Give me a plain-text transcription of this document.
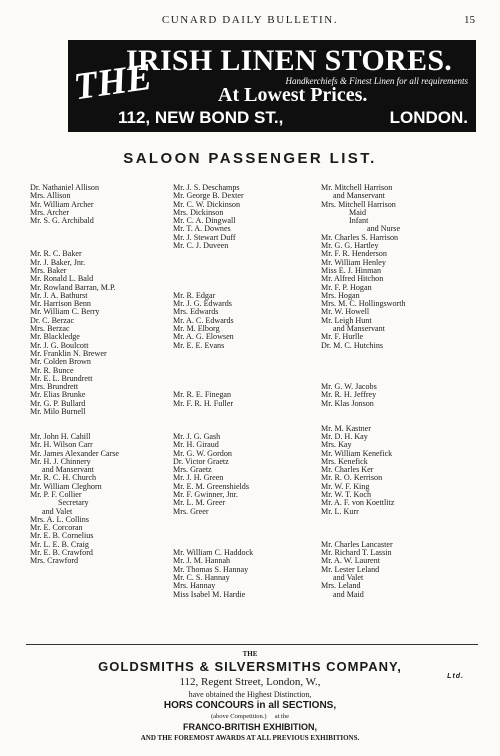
CUNARD DAILY BULLETIN.	15
THE
IRISH LINEN STORES.
Handkerchiefs & Finest Linen for all requirements
At Lowest Prices.
112, NEW BOND ST.,	LONDON.
SALOON PASSENGER LIST.
Dr. Nathaniel Allison
Mrs. Allison
Mr. William Archer
Mrs. Archer
Mr. S. G. Archibald
Mr. R. C. Baker
Mr. J. Baker, Jnr.
Mrs. Baker
Mr. Ronald L. Bald
Mr. Rowland Barran, M.P.
Mr. J. A. Bathurst
Mr. Harrison Benn
Mr. William C. Berry
Dr. C. Berzac
Mrs. Berzac
Mr. Blackledge
Mr. J. G. Boulcott
Mr. Franklin N. Brewer
Mr. Colden Brown
Mr. R. Bunce
Mr. E. L. Brundrett
Mrs. Brundrett
Mr. Elias Brunke
Mr. G. P. Bullard
Mr. Milo Burnell
Mr. John H. Cahill
Mr. H. Wilson Carr
Mr. James Alexander Carse
Mr. H. J. Chinnery
and Manservant
Mr. R. C. H. Church
Mr. William Cleghorn
Mr. P. F. Collier
Secretary
and Valet
Mrs. A. L. Collins
Mr. E. Corcoran
Mr. E. B. Cornelius
Mr. L. E. B. Craig
Mr. E. B. Crawford
Mrs. Crawford
Mr. J. S. Deschamps
Mr. George B. Dexter
Mr. C. W. Dickinson
Mrs. Dickinson
Mr. C. A. Dingwall
Mr. T. A. Downes
Mr. J. Stewart Duff
Mr. C. J. Duveen
Mr. R. Edgar
Mr. J. G. Edwards
Mrs. Edwards
Mr. A. C. Edwards
Mr. M. Elborg
Mr. A. G. Elowsen
Mr. E. E. Evans
Mr. R. E. Finegan
Mr. F. R. H. Fuller
Mr. J. G. Gash
Mr. H. Giraud
Mr. G. W. Gordon
Dr. Victor Graetz
Mrs. Graetz
Mr. J. H. Green
Mr. E. M. Greenshields
Mr. F. Gwinner, Jnr.
Mr. L. M. Greer
Mrs. Greer
Mr. William C. Haddock
Mr. J. M. Hannah
Mr. Thomas S. Hannay
Mr. C. S. Hannay
Mrs. Hannay
Miss Isabel M. Hardie
Mr. Mitchell Harrison
and Manservant
Mrs. Mitchell Harrison
Maid
Infant
and Nurse
Mr. Charles S. Harrison
Mr. G. G. Hartley
Mr. F. R. Henderson
Mr. William Henley
Miss E. J. Hinman
Mr. Alfred Hitchon
Mr. F. P. Hogan
Mrs. Hogan
Mrs. M. C. Hollingsworth
Mr. W. Howell
Mr. Leigh Hunt
and Manservant
Mr. F. Hurlle
Dr. M. C. Hutchins
Mr. G. W. Jacobs
Mr. R. H. Jeffrey
Mr. Klas Jonson
Mr. M. Kastner
Mr. D. H. Kay
Mrs. Kay
Mr. William Kenefick
Mrs. Kenefick
Mr. Charles Ker
Mr. R. O. Kerrison
Mr. W. F. King
Mr. W. T. Koch
Mr. A. F. von Koettlitz
Mr. L. Kurr
Mr. Charles Lancaster
Mr. Richard T. Lassin
Mr. A. W. Laurent
Mr. Lester Leland
and Valet
Mrs. Leland
and Maid
THE
GOLDSMITHS & SILVERSMITHS COMPANY,
Ltd.
112, Regent Street, London, W.,
have obtained the Highest Distinction,
HORS CONCOURS in all SECTIONS,
(above Competition.) at the
FRANCO-BRITISH EXHIBITION,
AND THE FOREMOST AWARDS AT ALL PREVIOUS EXHIBITIONS.
